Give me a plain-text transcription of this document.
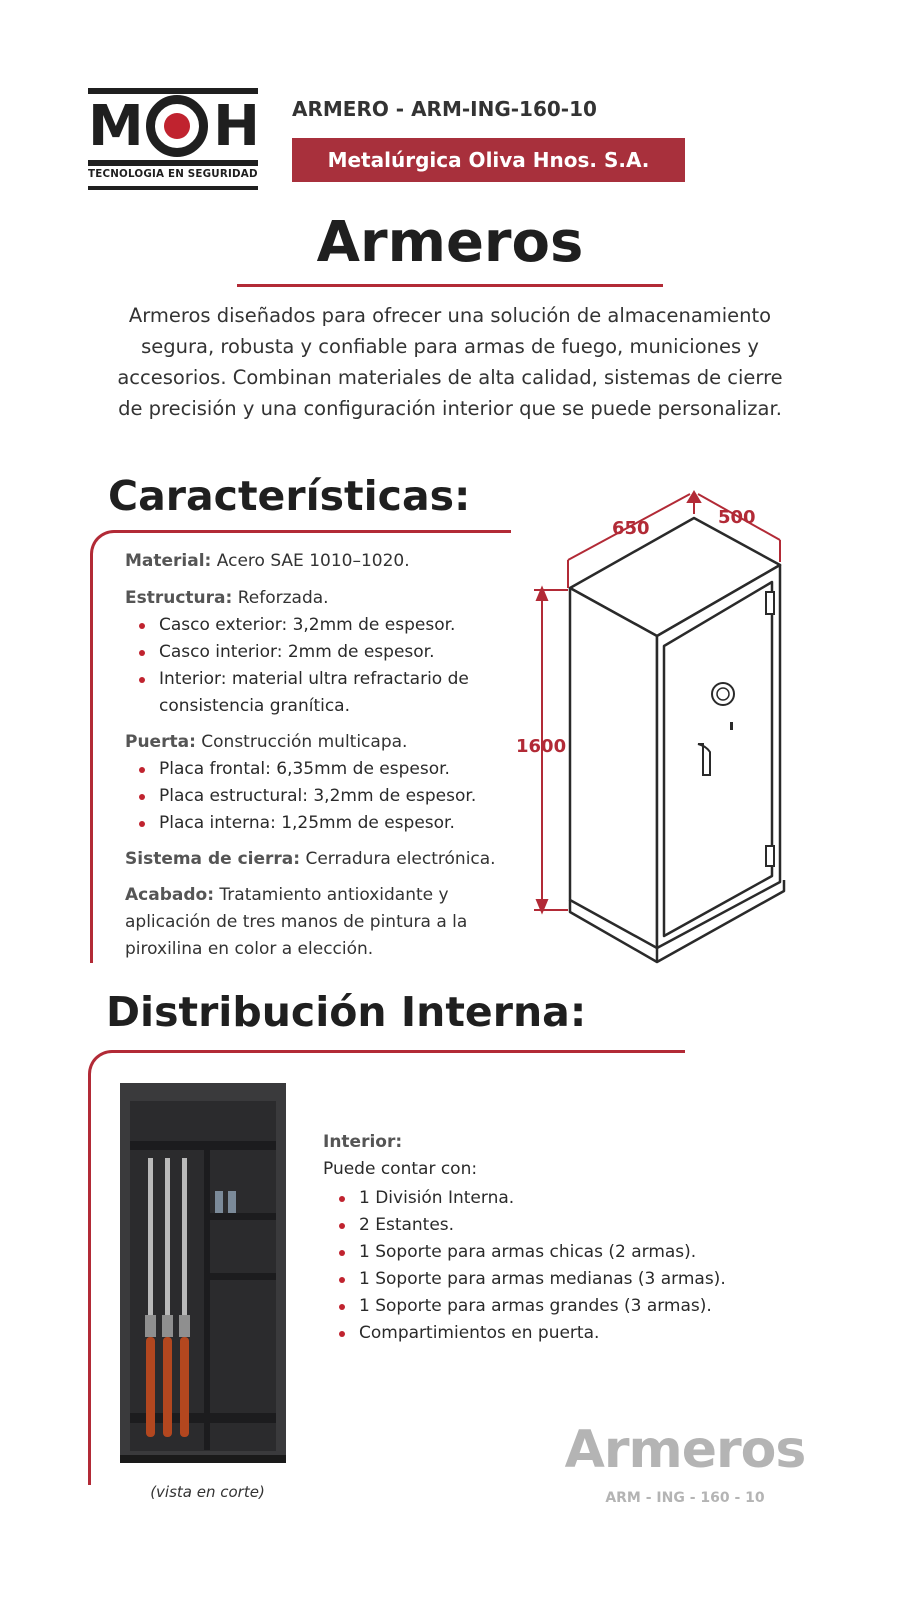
M H
TECNOLOGIA EN SEGURIDAD
ARMERO - ARM-ING-160-10
Metalúrgica Oliva Hnos. S.A.
Armeros
Armeros diseñados para ofrecer una solución de almacenamiento segura, robusta y confiable para armas de fuego, municiones y accesorios. Combinan materiales de alta calidad, sistemas de cierre de precisión y una configuración interior que se puede personalizar.
Características:
Material: Acero SAE 1010–1020.
Estructura: Reforzada.
Casco exterior: 3,2mm de espesor.
Casco interior: 2mm de espesor.
Interior: material ultra refractario de consistencia granítica.
Puerta: Construcción multicapa.
Placa frontal: 6,35mm de espesor.
Placa estructural: 3,2mm de espesor.
Placa interna: 1,25mm de espesor.
Sistema de cierra: Cerradura electrónica.
Acabado: Tratamiento antioxidante y aplicación de tres manos de pintura a la piroxilina en color a elección.
650
500
1600
Distribución Interna:
(vista en corte)
Interior:
Puede contar con:
1 División Interna.
2 Estantes.
1 Soporte para armas chicas (2 armas).
1 Soporte para armas medianas (3 armas).
1 Soporte para armas grandes (3 armas).
Compartimientos en puerta.
Armeros
ARM - ING - 160 - 10
